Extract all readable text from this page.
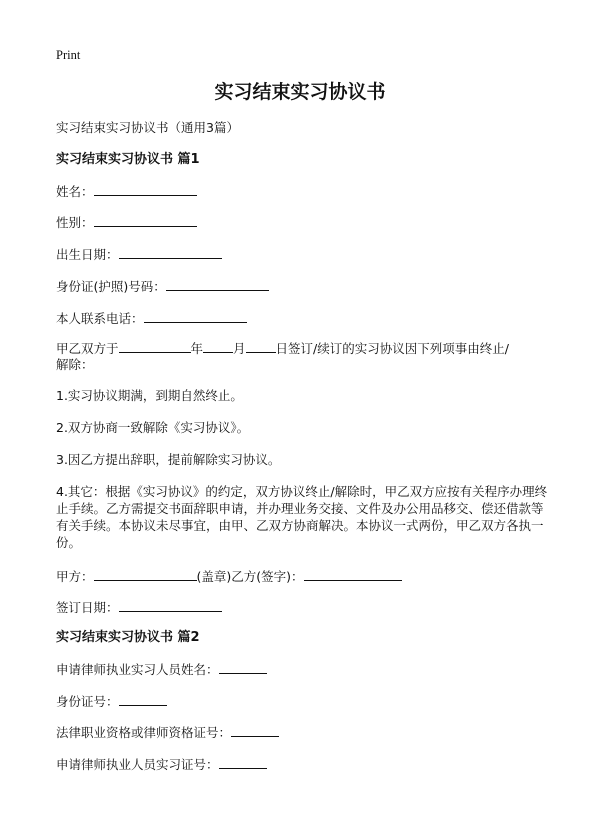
Print
实习结束实习协议书
实习结束实习协议书（通用3篇）
实习结束实习协议书 篇1
姓名：
性别：
出生日期：
身份证(护照)号码：
本人联系电话：
甲乙双方于	年 月 日签订/续订的实习协议因下列项事由终止/
解除：
1.实习协议期满，到期自然终止。
2.双方协商一致解除《实习协议》。
3.因乙方提出辞职，提前解除实习协议。
4.其它：根据《实习协议》的约定，双方协议终止/解除时，甲乙双方应按有关程序办理终止手续。乙方需提交书面辞职申请，并办理业务交接、文件及办公用品移交、偿还借款等有关手续。本协议未尽事宜，由甲、乙双方协商解决。本协议一式两份，甲乙双方各执一份。
甲方：	(盖章)乙方(签字)：
签订日期：
实习结束实习协议书 篇2
申请律师执业实习人员姓名：
身份证号：
法律职业资格或律师资格证号：
申请律师执业人员实习证号：
